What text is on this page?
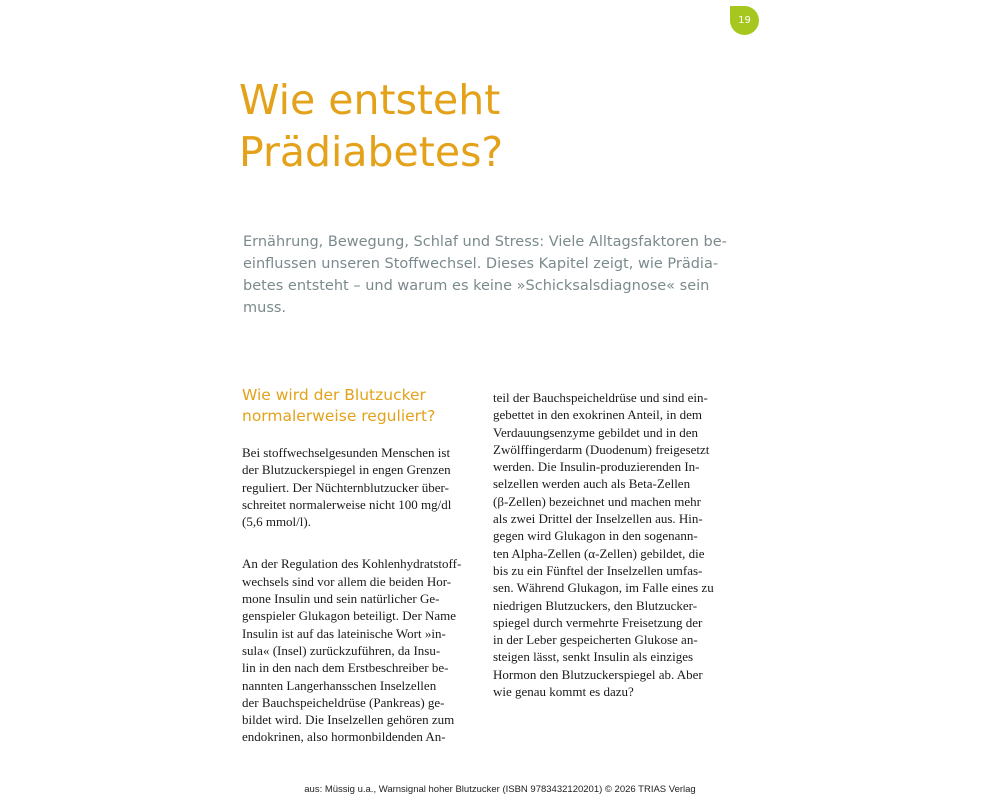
19
Wie entsteht
Prädiabetes?

Ernährung, Bewegung, Schlaf und Stress: Viele Alltagsfaktoren be-
einflussen unseren Stoffwechsel. Dieses Kapitel zeigt, wie Prädia-
betes entsteht – und warum es keine »Schicksalsdiagnose« sein
muss.

Wie wird der Blutzucker
normalerweise reguliert?

Bei stoffwechselgesunden Menschen ist
der Blutzuckerspiegel in engen Grenzen
reguliert. Der Nüchternblutzucker über-
schreitet normalerweise nicht 100 mg/dl
(5,6 mmol/l).

An der Regulation des Kohlenhydratstoff-
wechsels sind vor allem die beiden Hor-
mone Insulin und sein natürlicher Ge-
genspieler Glukagon beteiligt. Der Name
Insulin ist auf das lateinische Wort »in-
sula« (Insel) zurückzuführen, da Insu-
lin in den nach dem Erstbeschreiber be-
nannten Langerhansschen Inselzellen
der Bauchspeicheldrüse (Pankreas) ge-
bildet wird. Die Inselzellen gehören zum
endokrinen, also hormonbildenden An-

teil der Bauchspeicheldrüse und sind ein-
gebettet in den exokrinen Anteil, in dem
Verdauungsenzyme gebildet und in den
Zwölffingerdarm (Duodenum) freigesetzt
werden. Die Insulin-produzierenden In-
selzellen werden auch als Beta-Zellen
(β-Zellen) bezeichnet und machen mehr
als zwei Drittel der Inselzellen aus. Hin-
gegen wird Glukagon in den sogenann-
ten Alpha-Zellen (α-Zellen) gebildet, die
bis zu ein Fünftel der Inselzellen umfas-
sen. Während Glukagon, im Falle eines zu
niedrigen Blutzuckers, den Blutzucker-
spiegel durch vermehrte Freisetzung der
in der Leber gespeicherten Glukose an-
steigen lässt, senkt Insulin als einziges
Hormon den Blutzuckerspiegel ab. Aber
wie genau kommt es dazu?

aus: Müssig u.a., Warnsignal hoher Blutzucker (ISBN 9783432120201) © 2026 TRIAS Verlag
